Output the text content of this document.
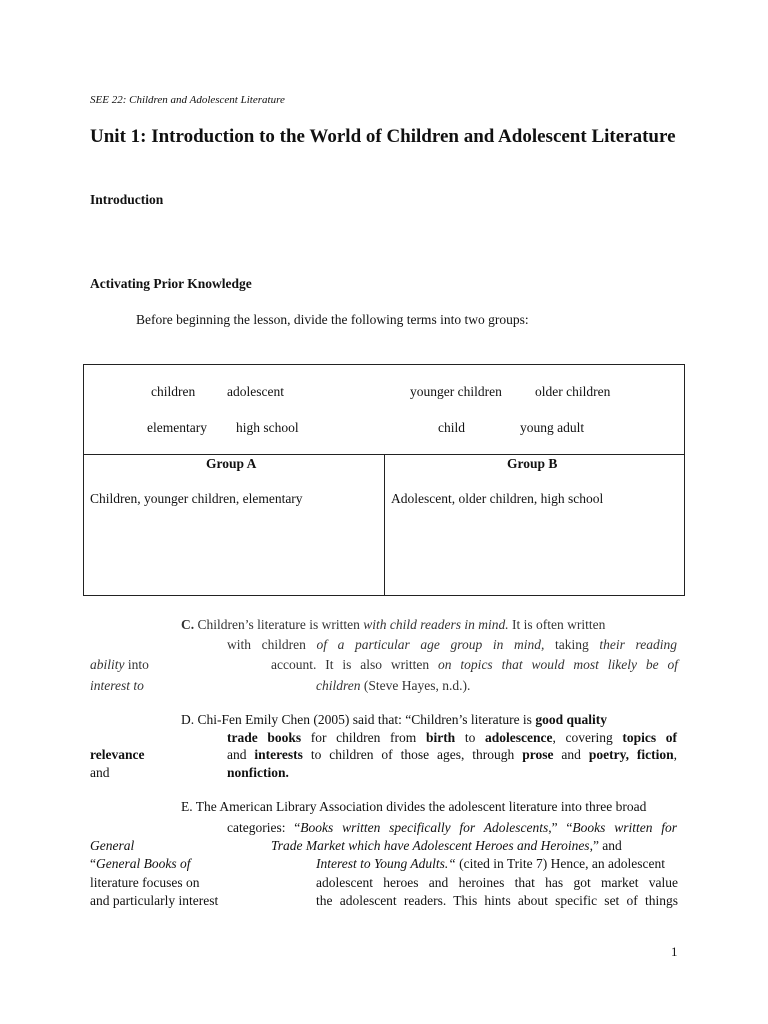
SEE 22: Children and Adolescent Literature
Unit 1: Introduction to the World of Children and Adolescent Literature
Introduction
Activating Prior Knowledge
Before beginning the lesson, divide the following terms into two groups:
children adolescent	younger children older children
elementary high school	child	young adult
Group A	Group B
Children, younger children, elementary	Adolescent, older children, high school
C. Children’s literature is written with child readers in mind. It is often written
with children of a particular age group in mind, taking their reading
ability into	account. It is also written on topics that would most likely be of
interest to	children (Steve Hayes, n.d.).
D. Chi-Fen Emily Chen (2005) said that: “Children’s literature is good quality
trade books for children from birth to adolescence, covering topics of
relevance	and interests to children of those ages, through prose and poetry, fiction,
and	nonfiction.
E. The American Library Association divides the adolescent literature into three broad
categories: “Books written specifically for Adolescents,” “Books written for
General	Trade Market which have Adolescent Heroes and Heroines,” and
“General Books of	Interest to Young Adults.“ (cited in Trite 7) Hence, an adolescent
literature focuses on	adolescent heroes and heroines that has got market value
and particularly interest	the adolescent readers. This hints about specific set of things
1
